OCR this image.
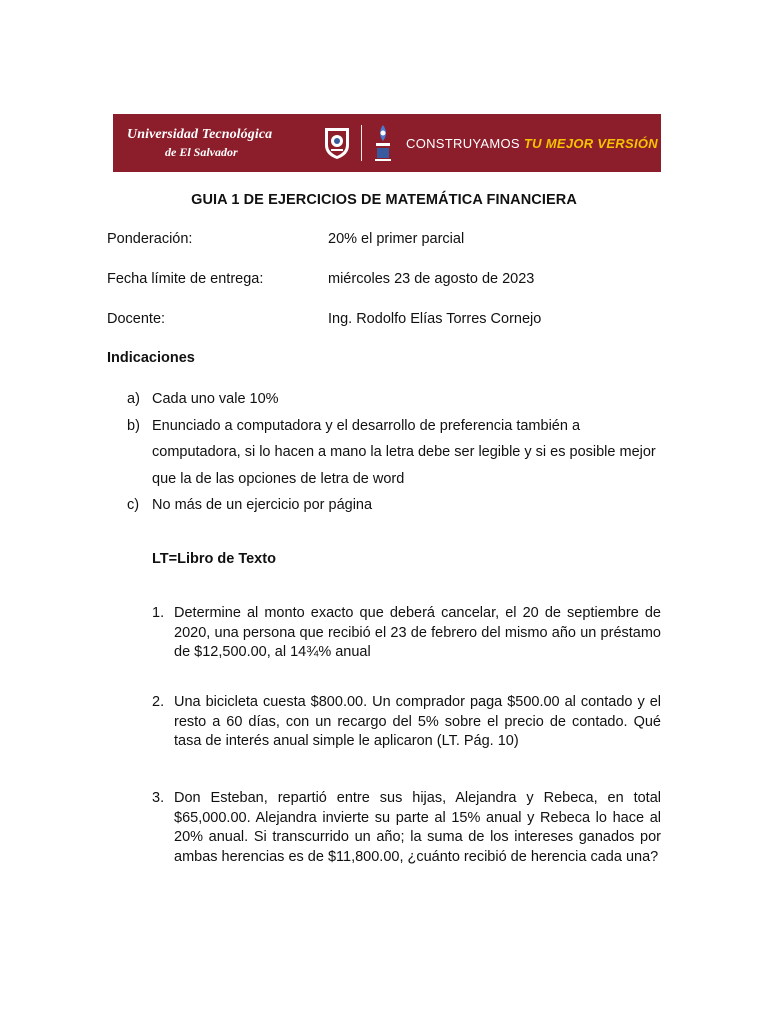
Universidad Tecnológica
de El Salvador
CONSTRUYAMOS TU MEJOR VERSIÓN
GUIA 1 DE EJERCICIOS DE MATEMÁTICA FINANCIERA
Ponderación:	20% el primer parcial
Fecha límite de entrega:	miércoles 23 de agosto de 2023
Docente:	Ing. Rodolfo Elías Torres Cornejo
Indicaciones
a) Cada uno vale 10%
b) Enunciado a computadora y el desarrollo de preferencia también a computadora, si lo hacen a mano la letra debe ser legible y si es posible mejor que la de las opciones de letra de word
c) No más de un ejercicio por página

LT=Libro de Texto

1. Determine al monto exacto que deberá cancelar, el 20 de septiembre de 2020, una persona que recibió el 23 de febrero del mismo año un préstamo de $12,500.00, al 14¾% anual
2. Una bicicleta cuesta $800.00. Un comprador paga $500.00 al contado y el resto a 60 días, con un recargo del 5% sobre el precio de contado. Qué tasa de interés anual simple le aplicaron (LT. Pág. 10)
3. Don Esteban, repartió entre sus hijas, Alejandra y Rebeca, en total $65,000.00. Alejandra invierte su parte al 15% anual y Rebeca lo hace al 20% anual. Si transcurrido un año; la suma de los intereses ganados por ambas herencias es de $11,800.00, ¿cuánto recibió de herencia cada una?
